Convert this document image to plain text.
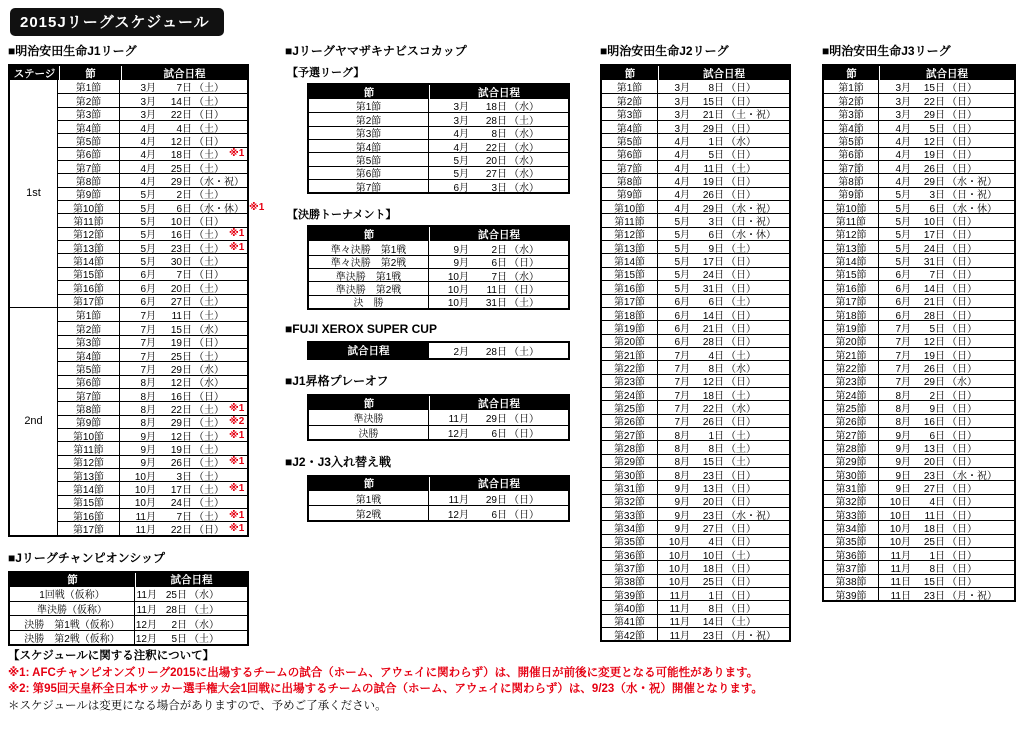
2015Jリーグスケジュール
■明治安田生命J1リーグ
ステージ	節	試合日程
1st
第1節	3月	7日 （土）
第2節	3月	14日 （土）
第3節	3月	22日 （日）
第4節	4月	4日 （土）
第5節	4月	12日 （日）
第6節	4月	18日 （土） ※1
第7節	4月	25日 （土）
第8節	4月	29日 （水・祝）
第9節	5月	2日 （土）
第10節	5月	6日 （水・休） ※1
第11節	5月	10日 （日）
第12節	5月	16日 （土） ※1
第13節	5月	23日 （土） ※1
第14節	5月	30日 （土）
第15節	6月	7日 （日）
第16節	6月	20日 （土）
第17節	6月	27日 （土）
2nd
第1節	7月	11日 （土）
第2節	7月	15日 （水）
第3節	7月	19日 （日）
第4節	7月	25日 （土）
第5節	7月	29日 （水）
第6節	8月	12日 （水）
第7節	8月	16日 （日）
第8節	8月	22日 （土） ※1
第9節	8月	29日 （土） ※2
第10節	9月	12日 （土） ※1
第11節	9月	19日 （土）
第12節	9月	26日 （土） ※1
第13節	10月	3日 （土）
第14節	10月	17日 （土） ※1
第15節	10月	24日 （土）
第16節	11月	7日 （土） ※1
第17節	11月	22日 （日） ※1
■Jリーグチャンピオンシップ
節	試合日程
1回戦（仮称）	11月 25日 （水）
準決勝（仮称）	11月 28日 （土）
決勝　第1戦（仮称）	12月	2日 （水）
決勝　第2戦（仮称）	12月	5日 （土）
■Jリーグヤマザキナビスコカップ
【予選リーグ】
節	試合日程
第1節	3月	18日 （水）
第2節	3月	28日 （土）
第3節	4月	8日 （水）
第4節	4月	22日 （水）
第5節	5月	20日 （水）
第6節	5月	27日 （水）
第7節	6月	3日 （水）
【決勝トーナメント】
節	試合日程
準々決勝　第1戦	9月	2日 （水）
準々決勝　第2戦	9月	6日 （日）
準決勝　第1戦	10月	7日 （水）
準決勝　第2戦	10月	11日 （日）
決　勝	10月	31日 （土）
■FUJI XEROX SUPER CUP
試合日程	2月	28日 （土）
■J1昇格プレーオフ
節	試合日程
準決勝	11月	29日 （日）
決勝	12月	6日 （日）
■J2・J3入れ替え戦
節	試合日程
第1戦	11月	29日 （日）
第2戦	12月	6日 （日）
■明治安田生命J2リーグ
節	試合日程
第1節	3月	8日 （日）
第2節	3月	15日 （日）
第3節	3月	21日 （土・祝）
第4節	3月	29日 （日）
第5節	4月	1日 （水）
第6節	4月	5日 （日）
第7節	4月	11日 （土）
第8節	4月	19日 （日）
第9節	4月	26日 （日）
第10節	4月	29日 （水・祝）
第11節	5月	3日 （日・祝）
第12節	5月	6日 （水・休）
第13節	5月	9日 （土）
第14節	5月	17日 （日）
第15節	5月	24日 （日）
第16節	5月	31日 （日）
第17節	6月	6日 （土）
第18節	6月	14日 （日）
第19節	6月	21日 （日）
第20節	6月	28日 （日）
第21節	7月	4日 （土）
第22節	7月	8日 （水）
第23節	7月	12日 （日）
第24節	7月	18日 （土）
第25節	7月	22日 （水）
第26節	7月	26日 （日）
第27節	8月	1日 （土）
第28節	8月	8日 （土）
第29節	8月	15日 （土）
第30節	8月	23日 （日）
第31節	9月	13日 （日）
第32節	9月	20日 （日）
第33節	9月	23日 （水・祝）
第34節	9月	27日 （日）
第35節	10月	4日 （日）
第36節	10月	10日 （土）
第37節	10月	18日 （日）
第38節	10月	25日 （日）
第39節	11月	1日 （日）
第40節	11月	8日 （日）
第41節	11月	14日 （土）
第42節	11月	23日 （月・祝）
■明治安田生命J3リーグ
節	試合日程
第1節	3月	15日 （日）
第2節	3月	22日 （日）
第3節	3月	29日 （日）
第4節	4月	5日 （日）
第5節	4月	12日 （日）
第6節	4月	19日 （日）
第7節	4月	26日 （日）
第8節	4月	29日 （水・祝）
第9節	5月	3日 （日・祝）
第10節	5月	6日 （水・休）
第11節	5月	10日 （日）
第12節	5月	17日 （日）
第13節	5月	24日 （日）
第14節	5月	31日 （日）
第15節	6月	7日 （日）
第16節	6月	14日 （日）
第17節	6月	21日 （日）
第18節	6月	28日 （日）
第19節	7月	5日 （日）
第20節	7月	12日 （日）
第21節	7月	19日 （日）
第22節	7月	26日 （日）
第23節	7月	29日 （水）
第24節	8月	2日 （日）
第25節	8月	9日 （日）
第26節	8月	16日 （日）
第27節	9月	6日 （日）
第28節	9月	13日 （日）
第29節	9月	20日 （日）
第30節	9日	23日 （水・祝）
第31節	9日	27日 （日）
第32節	10日	4日 （日）
第33節	10日	11日 （日）
第34節	10月	18日 （日）
第35節	10月	25日 （日）
第36節	11月	1日 （日）
第37節	11月	8日 （日）
第38節	11日	15日 （日）
第39節	11日	23日 （月・祝）
【スケジュールに関する注釈について】
※1: AFCチャンピオンズリーグ2015に出場するチームの試合（ホーム、アウェイに関わらず）は、開催日が前後に変更となる可能性があります。
※2: 第95回天皇杯全日本サッカー選手権大会1回戦に出場するチームの試合（ホーム、アウェイに関わらず）は、9/23（水・祝）開催となります。
＊スケジュールは変更になる場合がありますので、予めご了承ください。
